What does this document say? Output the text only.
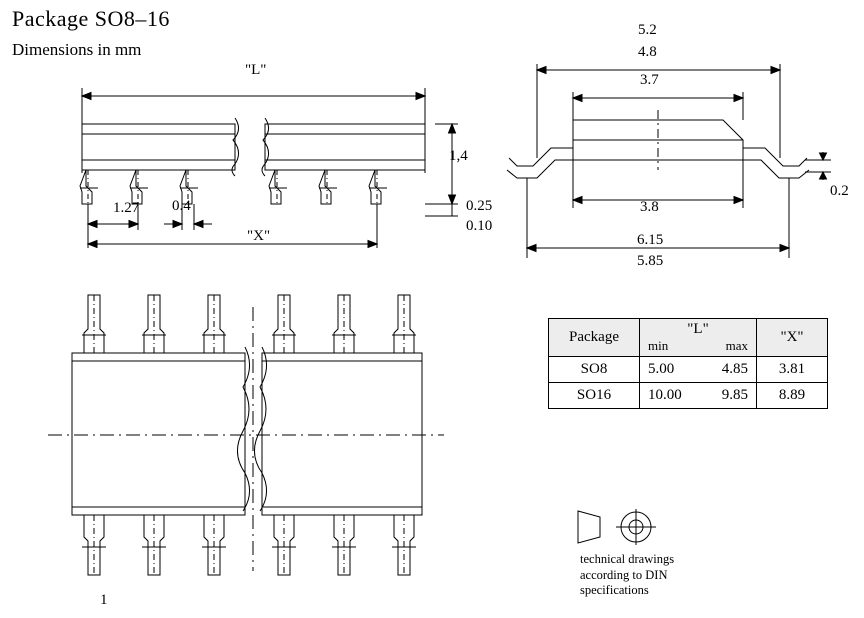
Package SO8–16
Dimensions in mm
"L"
1,4
0.25
0.10
1.27 0.4
"X"
5.2
4.8
3.7
3.8
6.15
5.85
0.2
1
Package	"L"
min max	"X"
SO8	5.00 4.85	3.81
SO16	10.00 9.85	8.89
technical drawings
according to DIN
specifications
